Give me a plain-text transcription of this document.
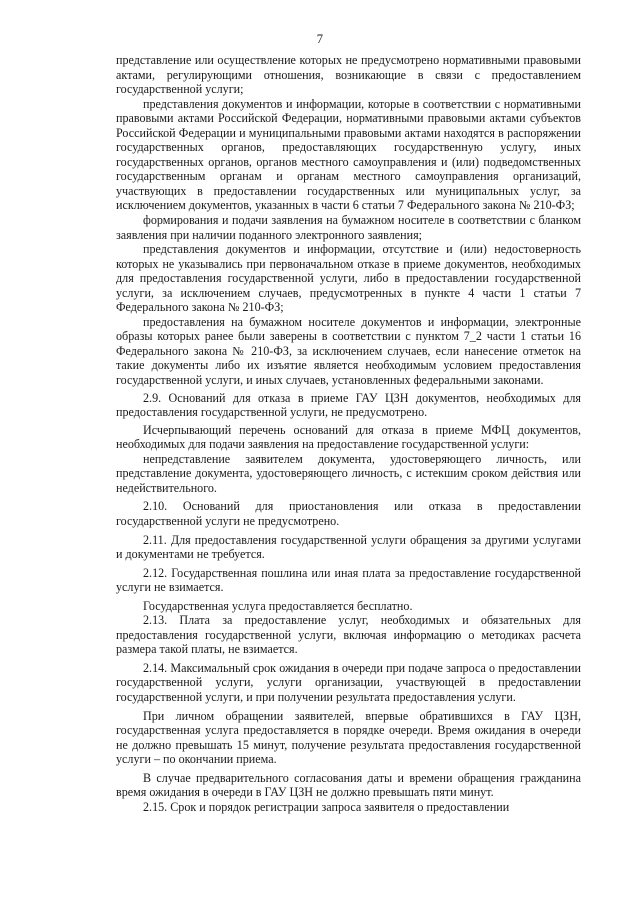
7

представление или осуществление которых не предусмотрено нормативными правовыми актами, регулирующими отношения, возникающие в связи с предоставлением государственной услуги;

представления документов и информации, которые в соответствии с нормативными правовыми актами Российской Федерации, нормативными правовыми актами субъектов Российской Федерации и муниципальными правовыми актами находятся в распоряжении государственных органов, предоставляющих государственную услугу, иных государственных органов, органов местного самоуправления и (или) подведомственных государственным органам и органам местного самоуправления организаций, участвующих в предоставлении государственных или муниципальных услуг, за исключением документов, указанных в части 6 статьи 7 Федерального закона № 210-ФЗ;

формирования и подачи заявления на бумажном носителе в соответствии с бланком заявления при наличии поданного электронного заявления;

представления документов и информации, отсутствие и (или) недостоверность которых не указывались при первоначальном отказе в приеме документов, необходимых для предоставления государственной услуги, либо в предоставлении государственной услуги, за исключением случаев, предусмотренных в пункте 4 части 1 статьи 7 Федерального закона № 210-ФЗ;

предоставления на бумажном носителе документов и информации, электронные образы которых ранее были заверены в соответствии с пунктом 7_2 части 1 статьи 16 Федерального закона № 210-ФЗ, за исключением случаев, если нанесение отметок на такие документы либо их изъятие является необходимым условием предоставления государственной услуги, и иных случаев, установленных федеральными законами.

2.9. Оснований для отказа в приеме ГАУ ЦЗН документов, необходимых для предоставления государственной услуги, не предусмотрено.

Исчерпывающий перечень оснований для отказа в приеме МФЦ документов, необходимых для подачи заявления на предоставление государственной услуги:

непредставление заявителем документа, удостоверяющего личность, или представление документа, удостоверяющего личность, с истекшим сроком действия или недействительного.

2.10. Оснований для приостановления или отказа в предоставлении государственной услуги не предусмотрено.

2.11. Для предоставления государственной услуги обращения за другими услугами и документами не требуется.

2.12. Государственная пошлина или иная плата за предоставление государственной услуги не взимается.

Государственная услуга предоставляется бесплатно.

2.13. Плата за предоставление услуг, необходимых и обязательных для предоставления государственной услуги, включая информацию о методиках расчета размера такой платы, не взимается.

2.14. Максимальный срок ожидания в очереди при подаче запроса о предоставлении государственной услуги, услуги организации, участвующей в предоставлении государственной услуги, и при получении результата предоставления услуги.

При личном обращении заявителей, впервые обратившихся в ГАУ ЦЗН, государственная услуга предоставляется в порядке очереди. Время ожидания в очереди не должно превышать 15 минут, получение результата предоставления государственной услуги – по окончании приема.

В случае предварительного согласования даты и времени обращения гражданина время ожидания в очереди в ГАУ ЦЗН не должно превышать пяти минут.

2.15. Срок и порядок регистрации запроса заявителя о предоставлении
